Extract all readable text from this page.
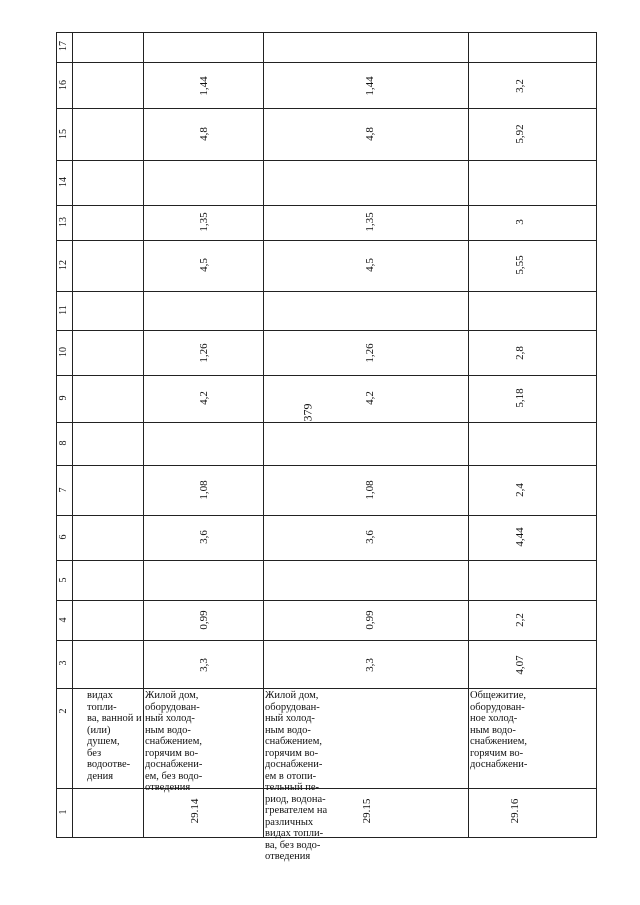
379
1
2
3
4
5
6
7
8
9
10
11
12
13
14
15
16
17
видах топли-
ва, ванной и
(или) душем,
без водоотве-
дения
Жилой дом,
оборудован-
ный холод-
ным водо-
снабжением,
горячим во-
доснабжени-
ем, без водо-
отведения
29.14
3,3
0,99
3,6
1,08
4,2
1,26
4,5
1,35
4,8
1,44
Жилой дом,
оборудован-
ный холод-
ным водо-
снабжением,
горячим во-
доснабжени-
ем в отопи-
тельный пе-
риод, водона-
гревателем на
различных
видах топли-
ва, без водо-
отведения
29.15
3,3
0,99
3,6
1,08
4,2
1,26
4,5
1,35
4,8
1,44
Общежитие,
оборудован-
ное холод-
ным водо-
снабжением,
горячим во-
доснабжени-
29.16
4,07
2,2
4,44
2,4
5,18
2,8
5,55
3
5,92
3,2
